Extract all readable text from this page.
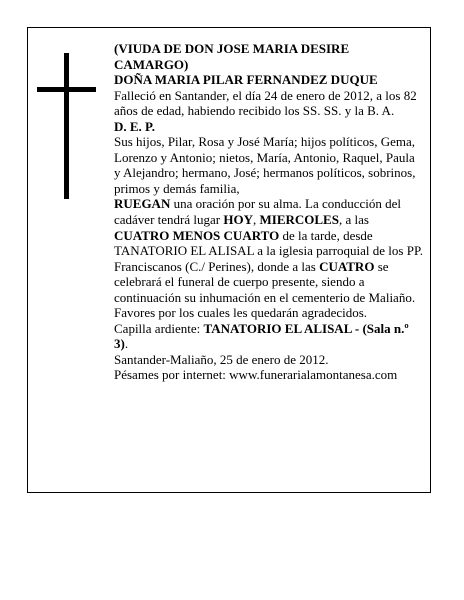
(VIUDA DE DON JOSE MARIA DESIRE CAMARGO)

DOÑA MARIA PILAR FERNANDEZ DUQUE

Falleció en Santander, el día 24 de enero de 2012, a los 82 años de edad, habiendo recibido los SS. SS. y la B. A.

D. E. P.

Sus hijos, Pilar, Rosa y José María; hijos políticos, Gema, Lorenzo y Antonio; nietos, María, Antonio, Raquel, Paula y Alejandro; hermano, José; hermanos políticos, sobrinos, primos y demás familia,

RUEGAN una oración por su alma. La conducción del cadáver tendrá lugar HOY, MIERCOLES, a las CUATRO MENOS CUARTO de la tarde, desde TANATORIO EL ALISAL a la iglesia parroquial de los PP. Franciscanos (C./ Perines), donde a las CUATRO se celebrará el funeral de cuerpo presente, siendo a continuación su inhumación en el cementerio de Maliaño. Favores por los cuales les quedarán agradecidos.

Capilla ardiente: TANATORIO EL ALISAL - (Sala n.º 3).

Santander-Maliaño, 25 de enero de 2012.

Pésames por internet: www.funerarialamontanesa.com
